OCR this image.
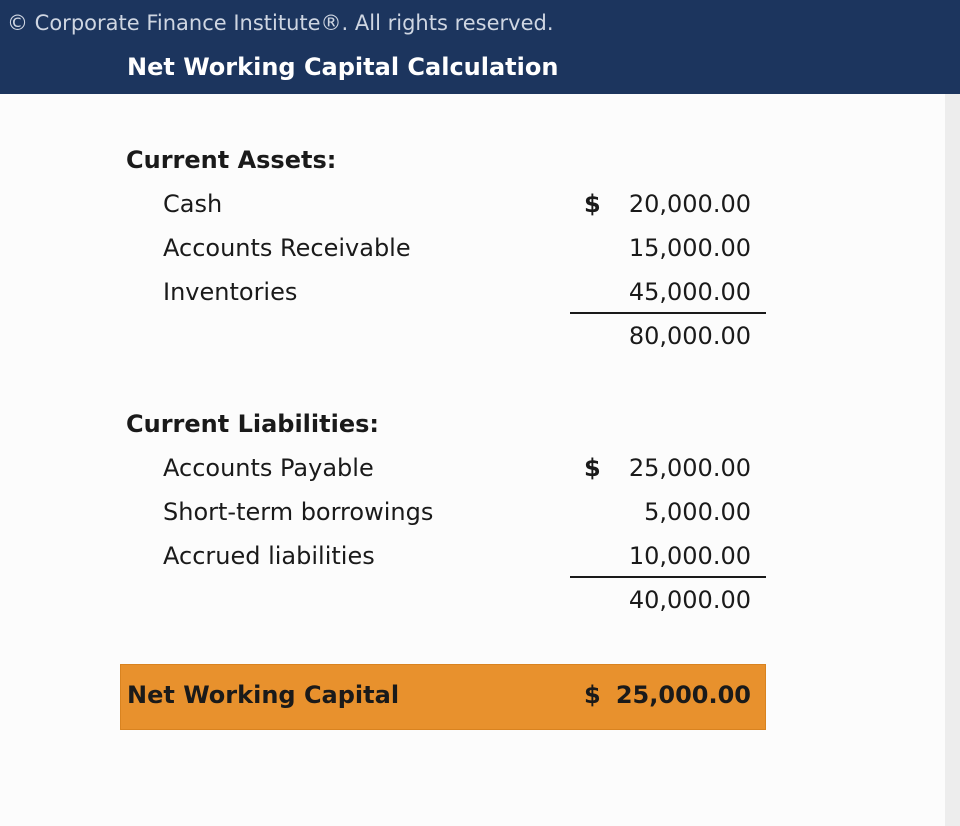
© Corporate Finance Institute®. All rights reserved.
Net Working Capital Calculation
Current Assets:
Cash	$ 20,000.00
Accounts Receivable	15,000.00
Inventories	45,000.00
80,000.00
Current Liabilities:
Accounts Payable	$ 25,000.00
Short-term borrowings	5,000.00
Accrued liabilities	10,000.00
40,000.00
Net Working Capital	$ 25,000.00
